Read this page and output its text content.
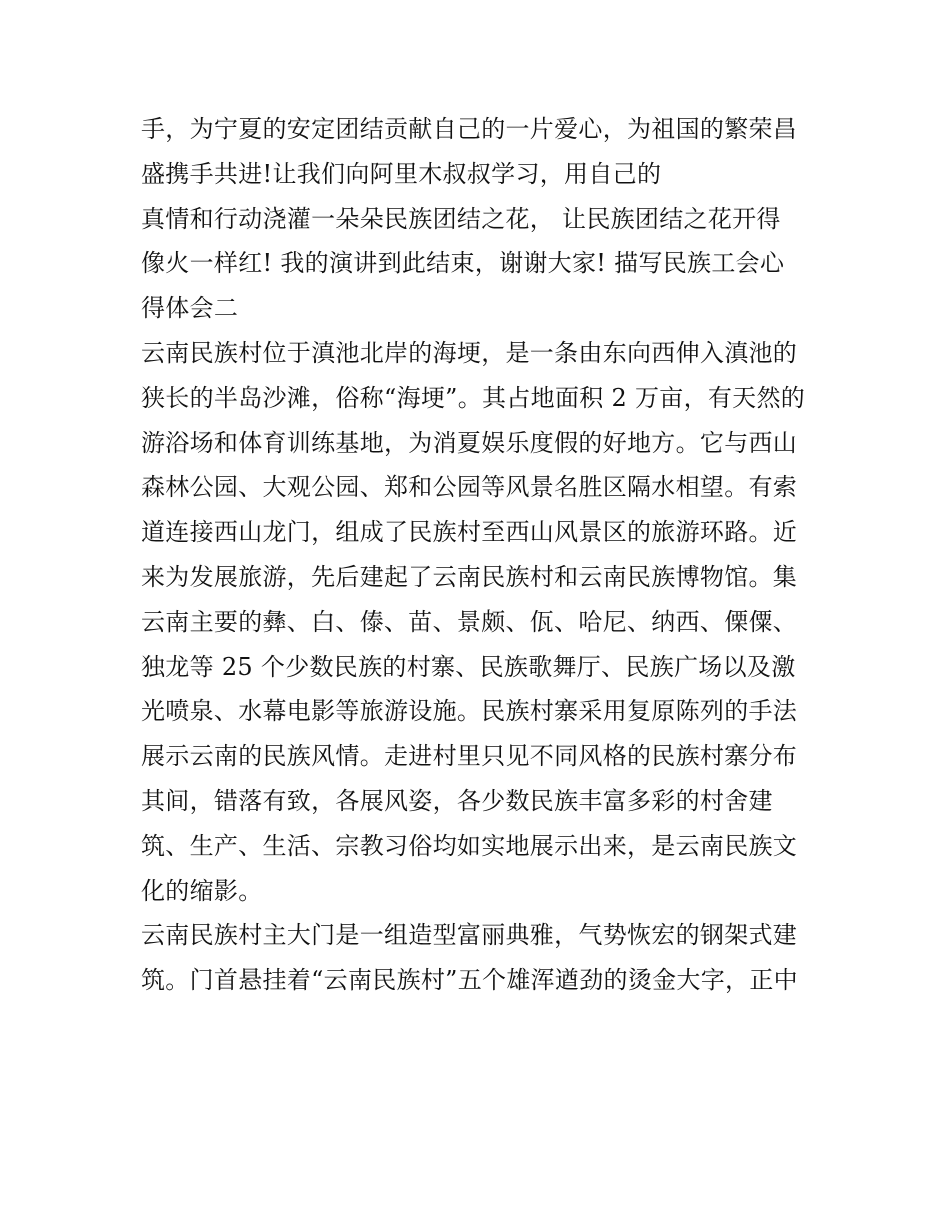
手，为宁夏的安定团结贡献自己的一片爱心，为祖国的繁荣昌
盛携手共进!让我们向阿里木叔叔学习，用自己的
真情和行动浇灌一朵朵民族团结之花， 让民族团结之花开得
像火一样红! 我的演讲到此结束，谢谢大家! 描写民族工会心
得体会二
云南民族村位于滇池北岸的海埂，是一条由东向西伸入滇池的
狭长的半岛沙滩，俗称“海埂”。其占地面积 2 万亩，有天然的
游浴场和体育训练基地，为消夏娱乐度假的好地方。它与西山
森林公园、大观公园、郑和公园等风景名胜区隔水相望。有索
道连接西山龙门，组成了民族村至西山风景区的旅游环路。近
来为发展旅游，先后建起了云南民族村和云南民族博物馆。集
云南主要的彝、白、傣、苗、景颇、佤、哈尼、纳西、傈僳、
独龙等 25 个少数民族的村寨、民族歌舞厅、民族广场以及激
光喷泉、水幕电影等旅游设施。民族村寨采用复原陈列的手法
展示云南的民族风情。走进村里只见不同风格的民族村寨分布
其间，错落有致，各展风姿，各少数民族丰富多彩的村舍建
筑、生产、生活、宗教习俗均如实地展示出来，是云南民族文
化的缩影。
云南民族村主大门是一组造型富丽典雅，气势恢宏的钢架式建
筑。门首悬挂着“云南民族村”五个雄浑遒劲的烫金大字，正中
